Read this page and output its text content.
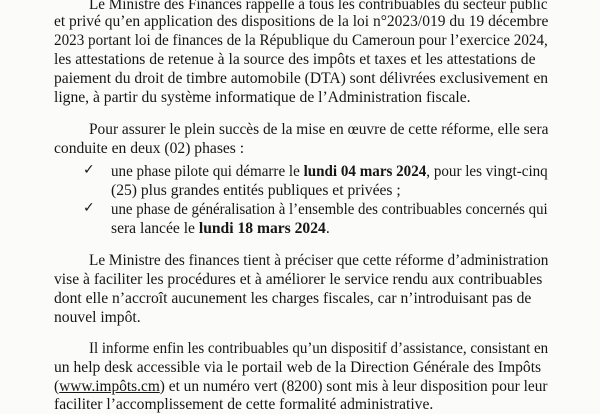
Le Ministre des Finances rappelle à tous les contribuables du secteur public
et privé qu’en application des dispositions de la loi n°2023/019 du 19 décembre
2023 portant loi de finances de la République du Cameroun pour l’exercice 2024,
les attestations de retenue à la source des impôts et taxes et les attestations de
paiement du droit de timbre automobile (DTA) sont délivrées exclusivement en
ligne, à partir du système informatique de l’Administration fiscale.
Pour assurer le plein succès de la mise en œuvre de cette réforme, elle sera
conduite en deux (02) phases :
✓ une phase pilote qui démarre le lundi 04 mars 2024, pour les vingt-cinq
(25) plus grandes entités publiques et privées ;
✓ une phase de généralisation à l’ensemble des contribuables concernés qui
sera lancée le lundi 18 mars 2024.
Le Ministre des finances tient à préciser que cette réforme d’administration
vise à faciliter les procédures et à améliorer le service rendu aux contribuables
dont elle n’accroît aucunement les charges fiscales, car n’introduisant pas de
nouvel impôt.
Il informe enfin les contribuables qu’un dispositif d’assistance, consistant en
un help desk accessible via le portail web de la Direction Générale des Impôts
(www.impôts.cm) et un numéro vert (8200) sont mis à leur disposition pour leur
faciliter l’accomplissement de cette formalité administrative.
